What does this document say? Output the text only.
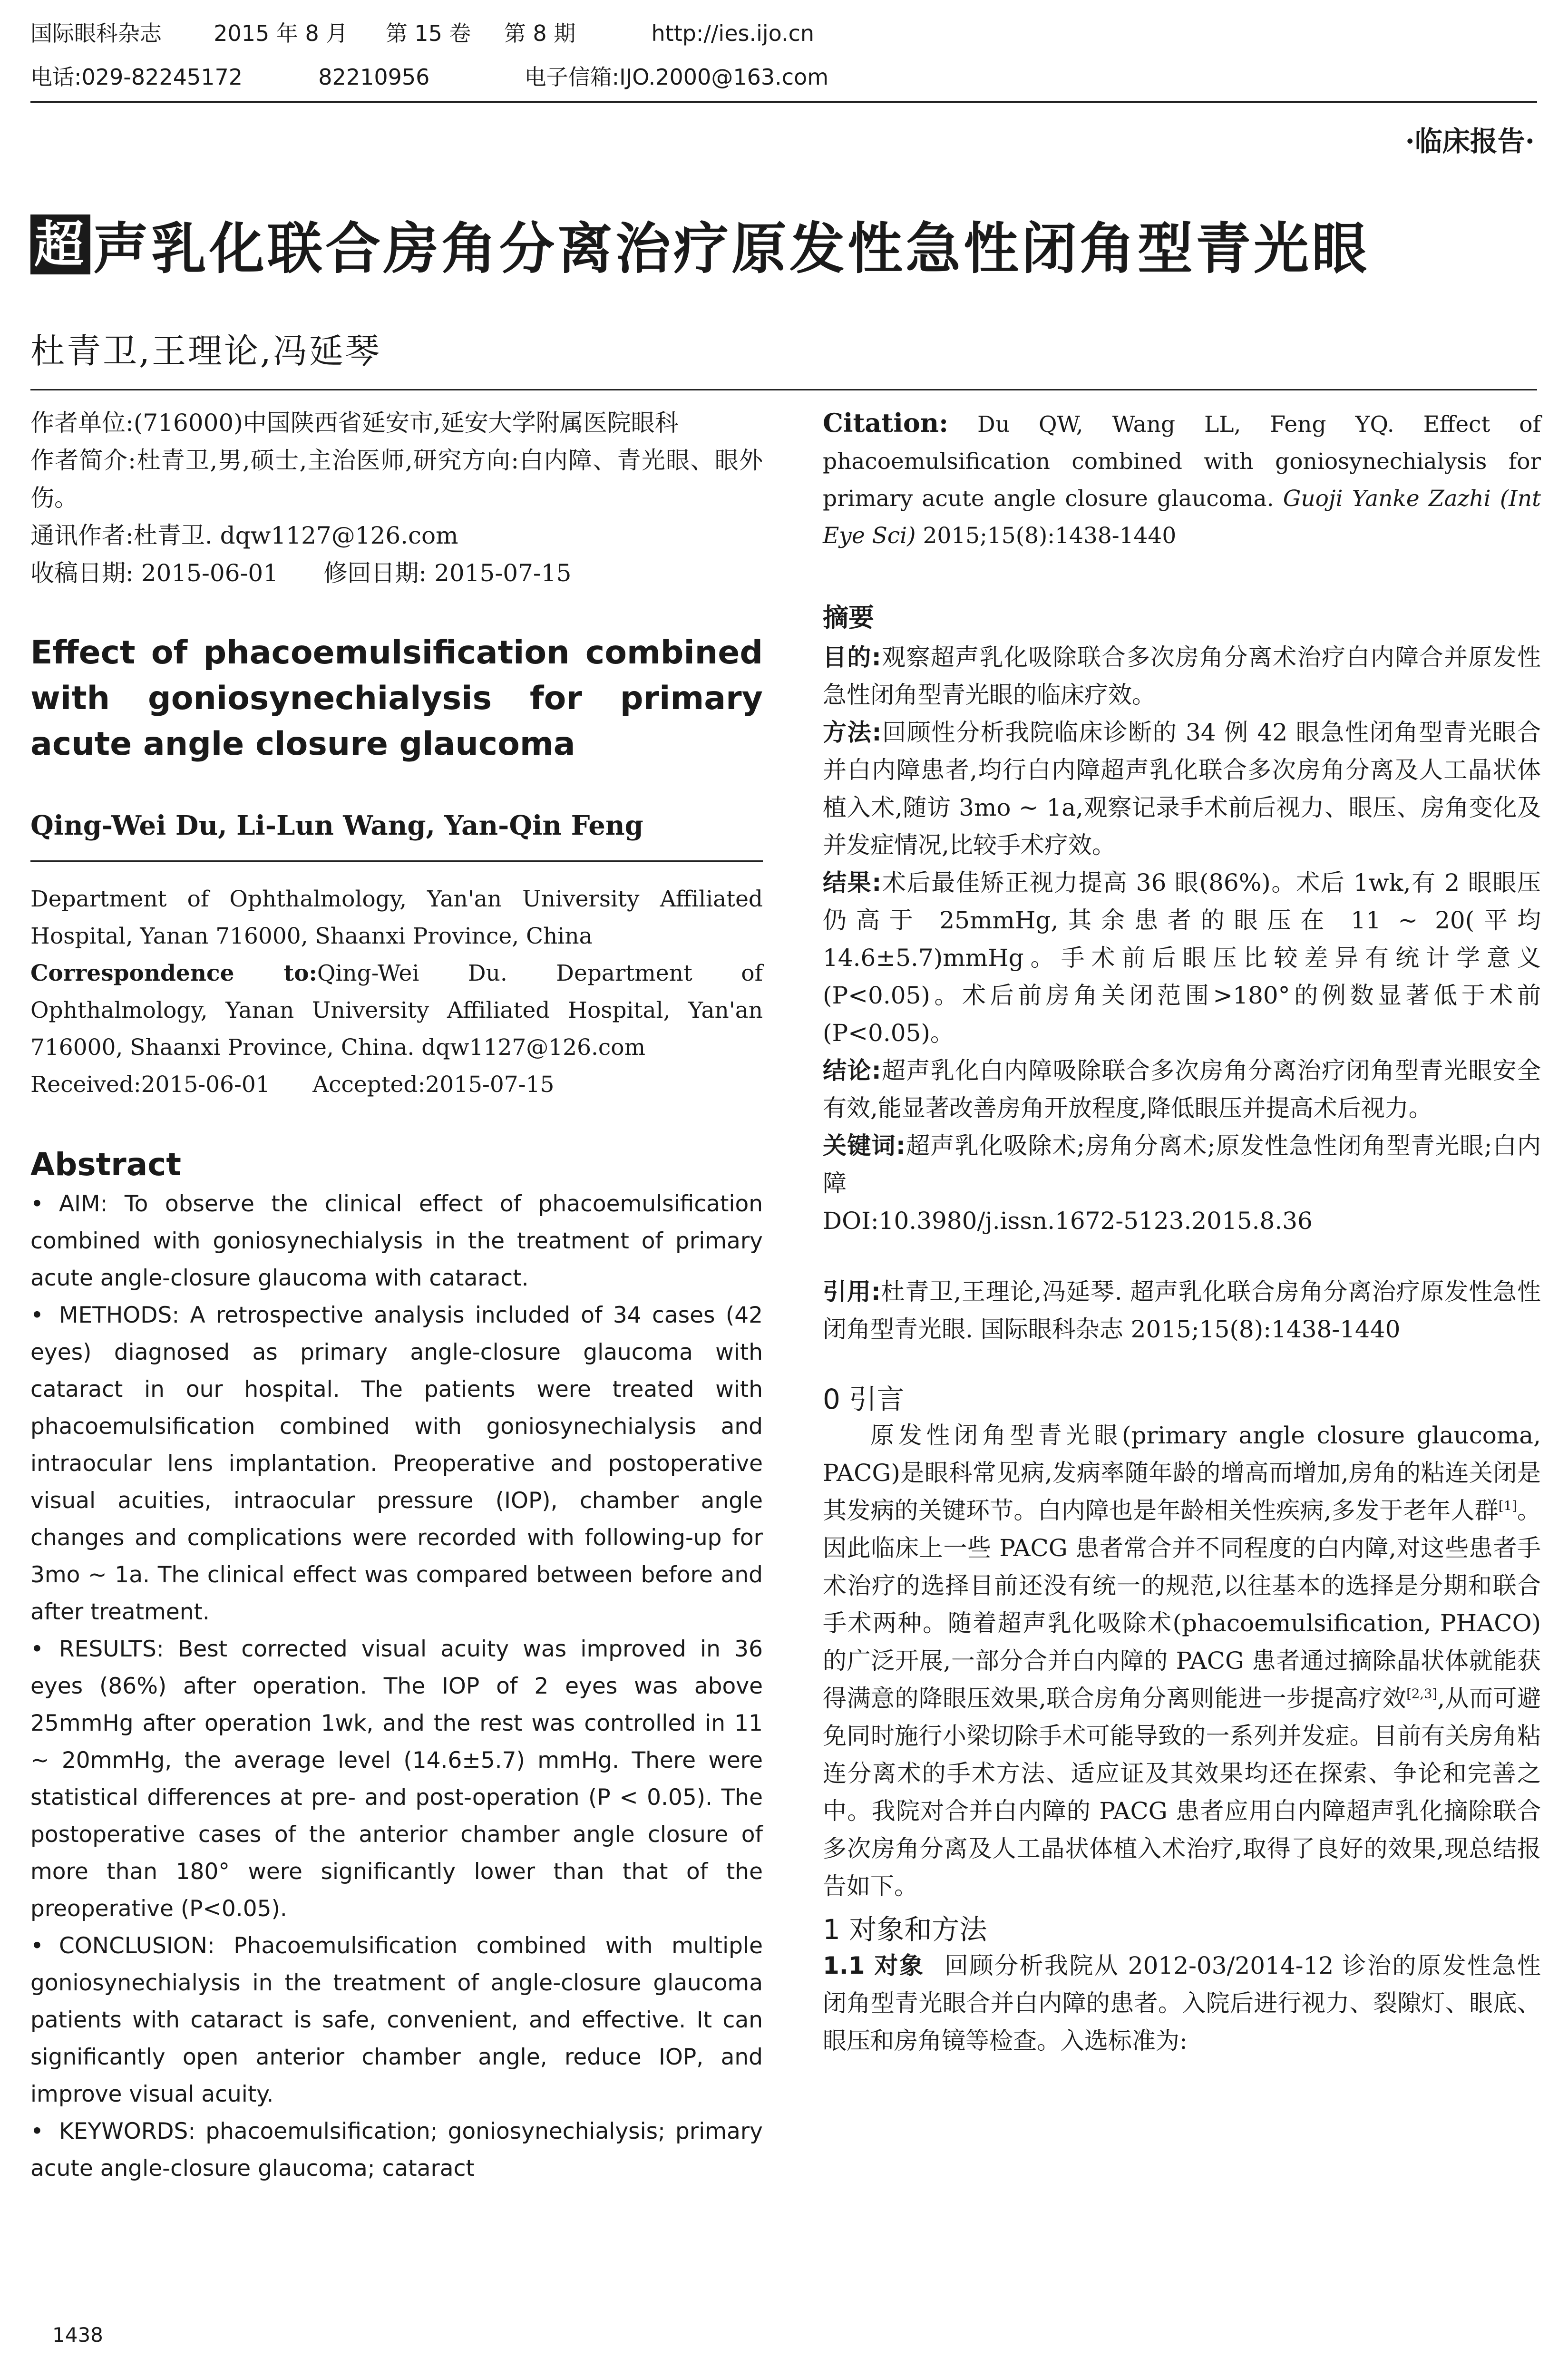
国际眼科杂志 2015 年 8 月 第 15 卷 第 8 期	http://ies.ijo.cn
电话:029-82245172	82210956	电子信箱:IJO.2000@163.com
·临床报告·
超 声乳化联合房角分离治疗原发性急性闭角型青光眼
杜青卫,王理论,冯延琴

作者单位:(716000)中国陕西省延安市,延安大学附属医院眼科

作者简介:杜青卫,男,硕士,主治医师,研究方向:白内障、青光眼、眼外伤。

通讯作者:杜青卫. dqw1127@126.com

收稿日期: 2015-06-01      修回日期: 2015-07-15

Effect of phacoemulsification combined with goniosynechialysis for primary acute angle closure glaucoma
Qing-Wei Du, Li-Lun Wang, Yan-Qin Feng

Department of Ophthalmology, Yan'an University Affiliated Hospital, Yanan 716000, Shaanxi Province, China

Correspondence to:Qing-Wei Du. Department of Ophthalmology, Yanan University Affiliated Hospital, Yan'an 716000, Shaanxi Province, China. dqw1127@126.com

Received:2015-06-01      Accepted:2015-07-15

Abstract

• AIM: To observe the clinical effect of phacoemulsification combined with goniosynechialysis in the treatment of primary acute angle-closure glaucoma with cataract.

• METHODS: A retrospective analysis included of 34 cases (42 eyes) diagnosed as primary angle-closure glaucoma with cataract in our hospital. The patients were treated with phacoemulsification combined with goniosynechialysis and intraocular lens implantation. Preoperative and postoperative visual acuities, intraocular pressure (IOP), chamber angle changes and complications were recorded with following-up for 3mo ~ 1a. The clinical effect was compared between before and after treatment.

• RESULTS: Best corrected visual acuity was improved in 36 eyes (86%) after operation. The IOP of 2 eyes was above 25mmHg after operation 1wk, and the rest was controlled in 11 ~ 20mmHg, the average level (14.6±5.7) mmHg. There were statistical differences at pre- and post-operation (P < 0.05). The postoperative cases of the anterior chamber angle closure of more than 180° were significantly lower than that of the preoperative (P<0.05).

• CONCLUSION: Phacoemulsification combined with multiple goniosynechialysis in the treatment of angle-closure glaucoma patients with cataract is safe, convenient, and effective. It can significantly open anterior chamber angle, reduce IOP, and improve visual acuity.

• KEYWORDS: phacoemulsification; goniosynechialysis; primary acute angle-closure glaucoma; cataract

1438

Citation: Du QW, Wang LL, Feng YQ. Effect of phacoemulsification combined with goniosynechialysis for primary acute angle closure glaucoma. Guoji Yanke Zazhi (Int Eye Sci) 2015;15(8):1438-1440

摘要

目的:观察超声乳化吸除联合多次房角分离术治疗白内障合并原发性急性闭角型青光眼的临床疗效。

方法:回顾性分析我院临床诊断的 34 例 42 眼急性闭角型青光眼合并白内障患者,均行白内障超声乳化联合多次房角分离及人工晶状体植入术,随访 3mo ~ 1a,观察记录手术前后视力、眼压、房角变化及并发症情况,比较手术疗效。

结果:术后最佳矫正视力提高 36 眼(86%)。术后 1wk,有 2 眼眼压仍高于 25mmHg,其余患者的眼压在 11 ~ 20(平均 14.6±5.7)mmHg。手术前后眼压比较差异有统计学意义(P<0.05)。术后前房角关闭范围>180°的例数显著低于术前(P<0.05)。

结论:超声乳化白内障吸除联合多次房角分离治疗闭角型青光眼安全有效,能显著改善房角开放程度,降低眼压并提高术后视力。

关键词:超声乳化吸除术;房角分离术;原发性急性闭角型青光眼;白内障

DOI:10.3980/j.issn.1672-5123.2015.8.36

引用:杜青卫,王理论,冯延琴. 超声乳化联合房角分离治疗原发性急性闭角型青光眼. 国际眼科杂志 2015;15(8):1438-1440

0 引言

原发性闭角型青光眼(primary angle closure glaucoma, PACG)是眼科常见病,发病率随年龄的增高而增加,房角的粘连关闭是其发病的关键环节。白内障也是年龄相关性疾病,多发于老年人群[1]。因此临床上一些 PACG 患者常合并不同程度的白内障,对这些患者手术治疗的选择目前还没有统一的规范,以往基本的选择是分期和联合手术两种。随着超声乳化吸除术(phacoemulsification, PHACO)的广泛开展,一部分合并白内障的 PACG 患者通过摘除晶状体就能获得满意的降眼压效果,联合房角分离则能进一步提高疗效[2,3],从而可避免同时施行小梁切除手术可能导致的一系列并发症。目前有关房角粘连分离术的手术方法、适应证及其效果均还在探索、争论和完善之中。我院对合并白内障的 PACG 患者应用白内障超声乳化摘除联合多次房角分离及人工晶状体植入术治疗,取得了良好的效果,现总结报告如下。

1 对象和方法

1.1 对象 回顾分析我院从 2012-03/2014-12 诊治的原发性急性闭角型青光眼合并白内障的患者。入院后进行视力、裂隙灯、眼底、眼压和房角镜等检查。入选标准为:
